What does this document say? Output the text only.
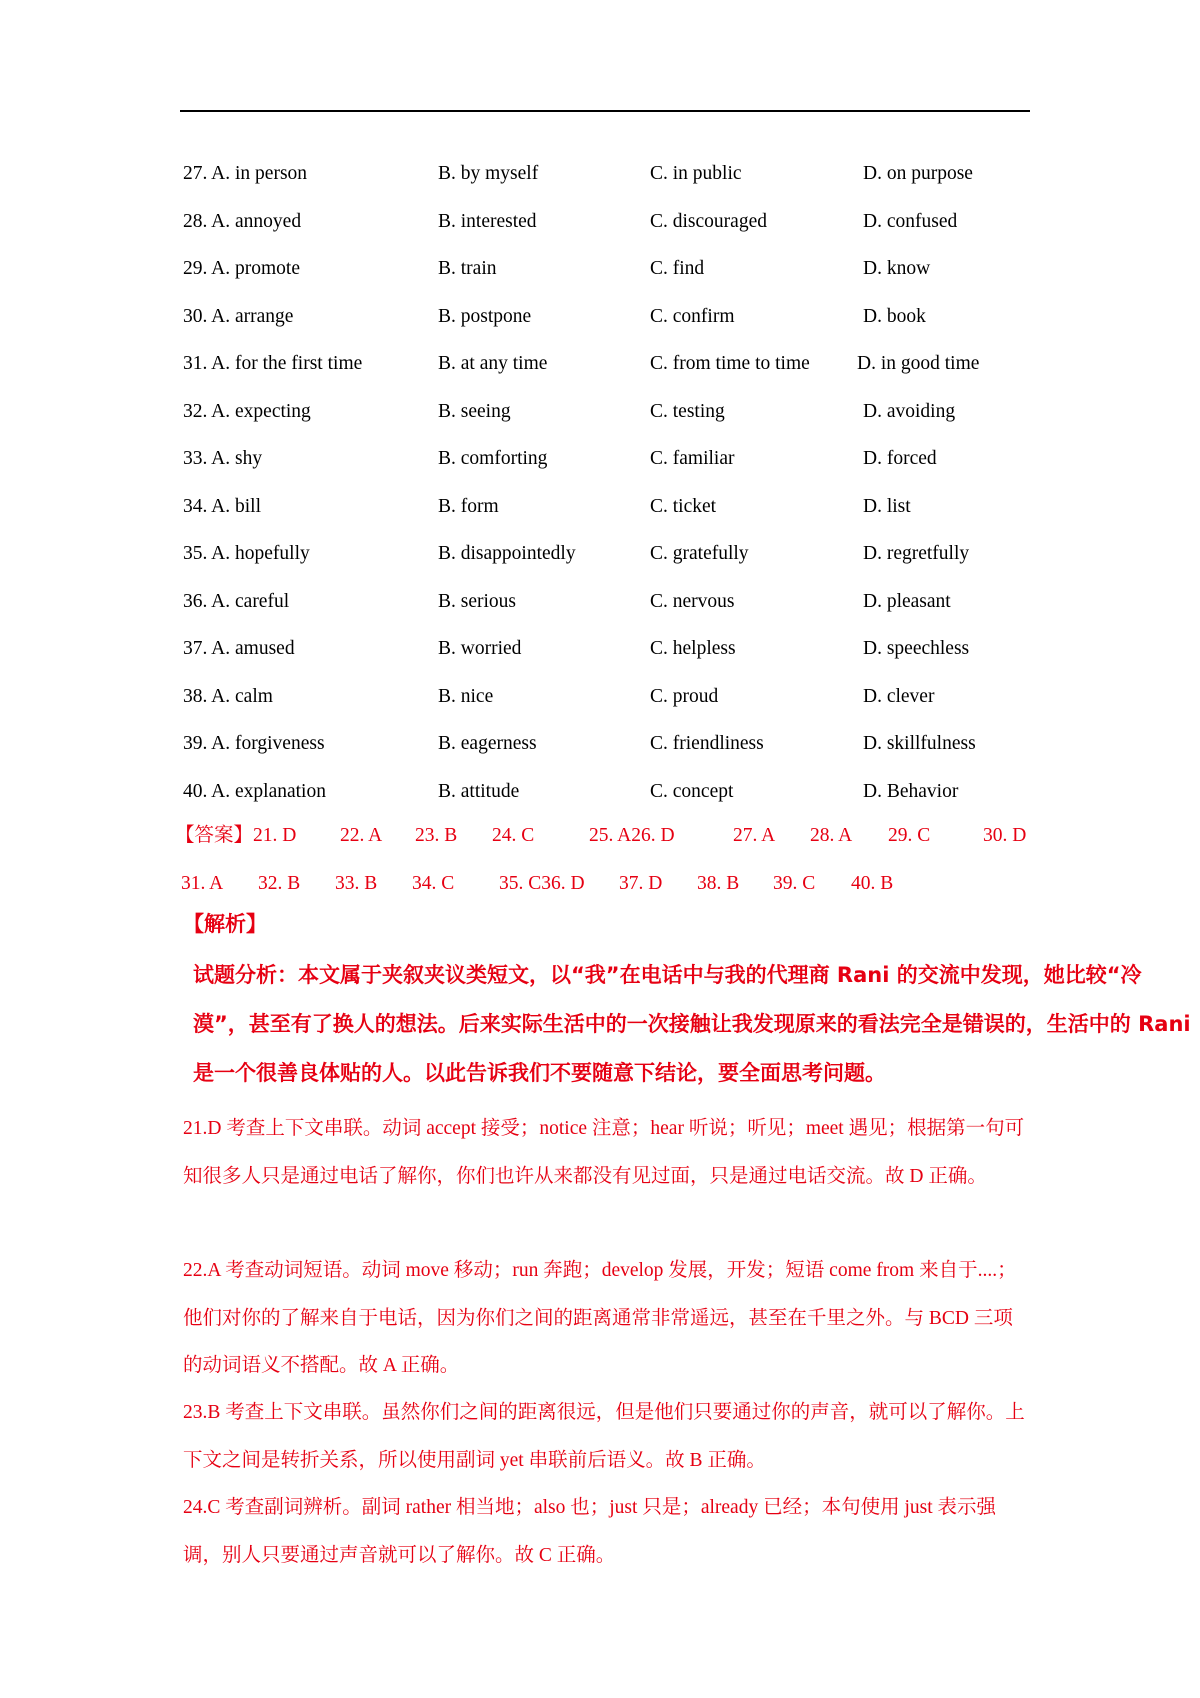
27. A. in person	B. by myself	C. in public	D. on purpose
28. A. annoyed	B. interested	C. discouraged	D. confused
29. A. promote	B. train	C. find	D. know
30. A. arrange	B. postpone	C. confirm	D. book
31. A. for the first time	B. at any time	C. from time to time D. in good time
32. A. expecting	B. seeing	C. testing	D. avoiding
33. A. shy	B. comforting	C. familiar	D. forced
34. A. bill	B. form	C. ticket	D. list
35. A. hopefully	B. disappointedly	C. gratefully	D. regretfully
36. A. careful	B. serious	C. nervous	D. pleasant
37. A. amused	B. worried	C. helpless	D. speechless
38. A. calm	B. nice	C. proud	D. clever
39. A. forgiveness	B. eagerness	C. friendliness	D. skillfulness
40. A. explanation	B. attitude	C. concept	D. Behavior
【答案】21. D 22. A 23. B 24. C	25. A26. D	27. A 28. A 29. C	30. D
31. A 32. B 33. B 34. C 35. C36. D 37. D 38. B 39. C 40. B
【解析】
试题分析：本文属于夹叙夹议类短文，以“我”在电话中与我的代理商 Rani 的交流中发现，她比较“冷漠”，甚至有了换人的想法。后来实际生活中的一次接触让我发现原来的看法完全是错误的，生活中的 Rani 是一个很善良体贴的人。以此告诉我们不要随意下结论，要全面思考问题。
21.D 考查上下文串联。动词 accept 接受；notice 注意；hear 听说；听见；meet 遇见；根据第一句可知很多人只是通过电话了解你，你们也许从来都没有见过面，只是通过电话交流。故 D 正确。
22.A 考查动词短语。动词 move 移动；run 奔跑；develop 发展，开发；短语 come from 来自于....；他们对你的了解来自于电话，因为你们之间的距离通常非常遥远，甚至在千里之外。与 BCD 三项的动词语义不搭配。故 A 正确。
23.B 考查上下文串联。虽然你们之间的距离很远，但是他们只要通过你的声音，就可以了解你。上下文之间是转折关系，所以使用副词 yet 串联前后语义。故 B 正确。
24.C 考查副词辨析。副词 rather 相当地；also 也；just 只是；already 已经；本句使用 just 表示强调，别人只要通过声音就可以了解你。故 C 正确。
